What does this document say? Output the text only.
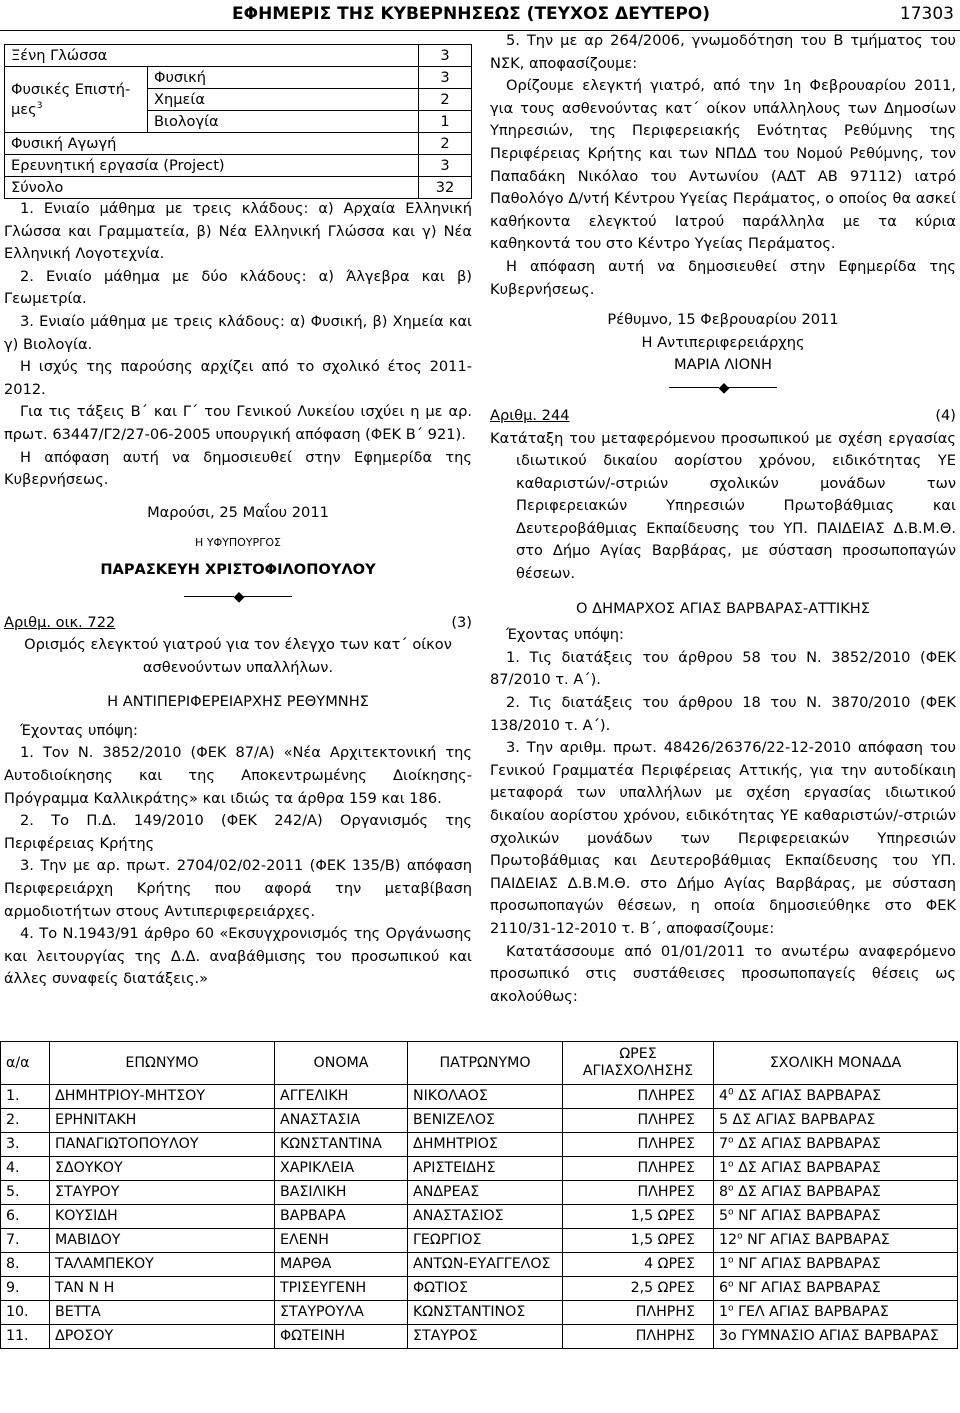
ΕΦΗΜΕΡΙΣ ΤΗΣ ΚΥΒΕΡΝΗΣΕΩΣ (ΤΕΥΧΟΣ ΔΕΥΤΕΡΟ)	17303
Ξένη Γλώσσα		3
Φυσικές Επιστή-μες$^3$	Φυσική	3
	Χημεία	2
	Βιολογία	1
Φυσική Αγωγή		2
Ερευνητική εργασία (Project)		3
Σύνολο		32

1. Ενιαίο μάθημα με τρεις κλάδους: α) Αρχαία Ελληνική Γλώσσα και Γραμματεία, β) Νέα Ελληνική Γλώσσα και γ) Νέα Ελληνική Λογοτεχνία.

2. Ενιαίο μάθημα με δύο κλάδους: α) Άλγεβρα και β) Γεωμετρία.

3. Ενιαίο μάθημα με τρεις κλάδους: α) Φυσική, β) Χημεία και γ) Βιολογία.

Η ισχύς της παρούσης αρχίζει από το σχολικό έτος 2011-2012.

Για τις τάξεις Β΄ και Γ΄ του Γενικού Λυκείου ισχύει η με αρ. πρωτ. 63447/Γ2/27-06-2005 υπουργική απόφαση (ΦΕΚ Β΄ 921).

Η απόφαση αυτή να δημοσιευθεί στην Εφημερίδα της Κυβερνήσεως.

Μαρούσι, 25 Μαΐου 2011

Η ΥΦΥΠΟΥΡΓΟΣ

ΠΑΡΑΣΚΕΥΗ ΧΡΙΣΤΟΦΙΛΟΠΟΥΛΟΥ

◆
Αριθμ. οικ. 722	(3)

Ορισμός ελεγκτού γιατρού για τον έλεγχο των κατ΄ οίκον ασθενούντων υπαλλήλων.

Η ΑΝΤΙΠΕΡΙΦΕΡΕΙΑΡΧΗΣ ΡΕΘΥΜΝΗΣ

Έχοντας υπόψη:

1. Τον Ν. 3852/2010 (ΦΕΚ 87/Α) «Νέα Αρχιτεκτονική της Αυτοδιοίκησης και της Αποκεντρωμένης Διοίκησης- Πρόγραμμα Καλλικράτης» και ιδιώς τα άρθρα 159 και 186.

2. Το Π.Δ. 149/2010 (ΦΕΚ 242/Α) Οργανισμός της Περιφέρειας Κρήτης

3. Την με αρ. πρωτ. 2704/02/02-2011 (ΦΕΚ 135/Β) απόφαση Περιφερειάρχη Κρήτης που αφορά την μεταβίβαση αρμοδιοτήτων στους Αντιπεριφερειάρχες.

4. Το Ν.1943/91 άρθρο 60 «Εκσυγχρονισμός της Οργάνωσης και λειτουργίας της Δ.Δ. αναβάθμισης του προσωπικού και άλλες συναφείς διατάξεις.»

5. Την με αρ 264/2006, γνωμοδότηση του Β τμήματος του ΝΣΚ, αποφασίζουμε:

Ορίζουμε ελεγκτή γιατρό, από την 1η Φεβρουαρίου 2011, για τους ασθενούντας κατ΄ οίκον υπάλληλους των Δημοσίων Υπηρεσιών, της Περιφερειακής Ενότητας Ρεθύμνης της Περιφέρειας Κρήτης και των ΝΠΔΔ του Νομού Ρεθύμνης, τον Παπαδάκη Νικόλαο του Αντωνίου (ΑΔΤ ΑΒ 97112) ιατρό Παθολόγο Δ/ντή Κέντρου Υγείας Περάματος, ο οποίος θα ασκεί καθήκοντα ελεγκτού Ιατρού παράλληλα με τα κύρια καθηκοντά του στο Κέντρο Υγείας Περάματος.

Η απόφαση αυτή να δημοσιευθεί στην Εφημερίδα της Κυβερνήσεως.

Ρέθυμνο, 15 Φεβρουαρίου 2011

Η Αντιπεριφερειάρχης

ΜΑΡΙΑ ΛΙΟΝΗ

◆
Αριθμ. 244	(4)

Κατάταξη του μεταφερόμενου προσωπικού με σχέση εργασίας ιδιωτικού δικαίου αορίστου χρόνου, ειδικότητας ΥΕ καθαριστών/-στριών σχολικών μονάδων των Περιφερειακών Υπηρεσιών Πρωτοβάθμιας και Δευτεροβάθμιας Εκπαίδευσης του ΥΠ. ΠΑΙΔΕΙΑΣ Δ.Β.Μ.Θ. στο Δήμο Αγίας Βαρβάρας, με σύσταση προσωποπαγών θέσεων.

Ο ΔΗΜΑΡΧΟΣ ΑΓΙΑΣ ΒΑΡΒΑΡΑΣ-ΑΤΤΙΚΗΣ

Έχοντας υπόψη:

1. Τις διατάξεις του άρθρου 58 του Ν. 3852/2010 (ΦΕΚ 87/2010 τ. Α΄).

2. Τις διατάξεις του άρθρου 18 του Ν. 3870/2010 (ΦΕΚ 138/2010 τ. Α΄).

3. Την αριθμ. πρωτ. 48426/26376/22-12-2010 απόφαση του Γενικού Γραμματέα Περιφέρειας Αττικής, για την αυτοδίκαιη μεταφορά των υπαλλήλων με σχέση εργασίας ιδιωτικού δικαίου αορίστου χρόνου, ειδικότητας ΥΕ καθαριστών/-στριών σχολικών μονάδων των Περιφερειακών Υπηρεσιών Πρωτοβάθμιας και Δευτεροβάθμιας Εκπαίδευσης του ΥΠ. ΠΑΙΔΕΙΑΣ Δ.Β.Μ.Θ. στο Δήμο Αγίας Βαρβάρας, με σύσταση προσωποπαγών θέσεων, η οποία δημοσιεύθηκε στο ΦΕΚ 2110/31-12-2010 τ. Β΄, αποφασίζουμε:

Κατατάσσουμε από 01/01/2011 το ανωτέρω αναφερόμενο προσωπικό στις συστάθεισες προσωποπαγείς θέσεις ως ακολούθως:

α/α	ΕΠΩΝΥΜΟ	ΟΝΟΜΑ	ΠΑΤΡΩΝΥΜΟ	ΩΡΕΣ ΑΓΙΑΣΧΟΛΗΣΗΣ	ΣΧΟΛΙΚΗ ΜΟΝΑΔΑ
1.	ΔΗΜΗΤΡΙΟΥ-ΜΗΤΣΟΥ	ΑΓΓΕΛΙΚΗ	ΝΙΚΟΛΑΟΣ	ΠΛΗΡΕΣ	$4^0$ ΔΣ ΑΓΙΑΣ ΒΑΡΒΑΡΑΣ
2.	ΕΡΗΝΙΤΑΚΗ	ΑΝΑΣΤΑΣΙΑ	ΒΕΝΙΖΕΛΟΣ	ΠΛΗΡΕΣ	5 ΔΣ ΑΓΙΑΣ ΒΑΡΒΑΡΑΣ
3.	ΠΑΝΑΓΙΩΤΟΠΟΥΛΟΥ	ΚΩΝΣΤΑΝΤΙΝΑ	ΔΗΜΗΤΡΙΟΣ	ΠΛΗΡΕΣ	$7^o$ ΔΣ ΑΓΙΑΣ ΒΑΡΒΑΡΑΣ
4.	ΣΔΟΥΚΟΥ	ΧΑΡΙΚΛΕΙΑ	ΑΡΙΣΤΕΙΔΗΣ	ΠΛΗΡΕΣ	$1^o$ ΔΣ ΑΓΙΑΣ ΒΑΡΒΑΡΑΣ
5.	ΣΤΑΥΡΟΥ	ΒΑΣΙΛΙΚΗ	ΑΝΔΡΕΑΣ	ΠΛΗΡΕΣ	$8^o$ ΔΣ ΑΓΙΑΣ ΒΑΡΒΑΡΑΣ
6.	ΚΟΥΣΙΔΗ	ΒΑΡΒΑΡΑ	ΑΝΑΣΤΑΣΙΟΣ	1,5 ΩΡΕΣ	$5^o$ ΝΓ ΑΓΙΑΣ ΒΑΡΒΑΡΑΣ
7.	ΜΑΒΙΔΟΥ	ΕΛΕΝΗ	ΓΕΩΡΓΙΟΣ	1,5 ΩΡΕΣ	$12^o$ ΝΓ ΑΓΙΑΣ ΒΑΡΒΑΡΑΣ
8.	ΤΑΛΑΜΠΕΚΟΥ	ΜΑΡΘΑ	ΑΝΤΩΝ-ΕΥΑΓΓΕΛΟΣ	4 ΩΡΕΣ	$1^o$ ΝΓ ΑΓΙΑΣ ΒΑΡΒΑΡΑΣ
9.	ΤΑΝ Ν Η	ΤΡΙΣΕΥΓΕΝΗ	ΦΩΤΙΟΣ	2,5 ΩΡΕΣ	$6^o$ ΝΓ ΑΓΙΑΣ ΒΑΡΒΑΡΑΣ
10.	ΒΕΤΤΑ	ΣΤΑΥΡΟΥΛΑ	ΚΩΝΣΤΑΝΤΙΝΟΣ	ΠΛΗΡΗΣ	$1^o$ ΓΕΛ ΑΓΙΑΣ ΒΑΡΒΑΡΑΣ
11.	ΔΡΟΣΟΥ	ΦΩΤΕΙΝΗ	ΣΤΑΥΡΟΣ	ΠΛΗΡΗΣ	3ο ΓΥΜΝΑΣΙΟ ΑΓΙΑΣ ΒΑΡΒΑΡΑΣ
